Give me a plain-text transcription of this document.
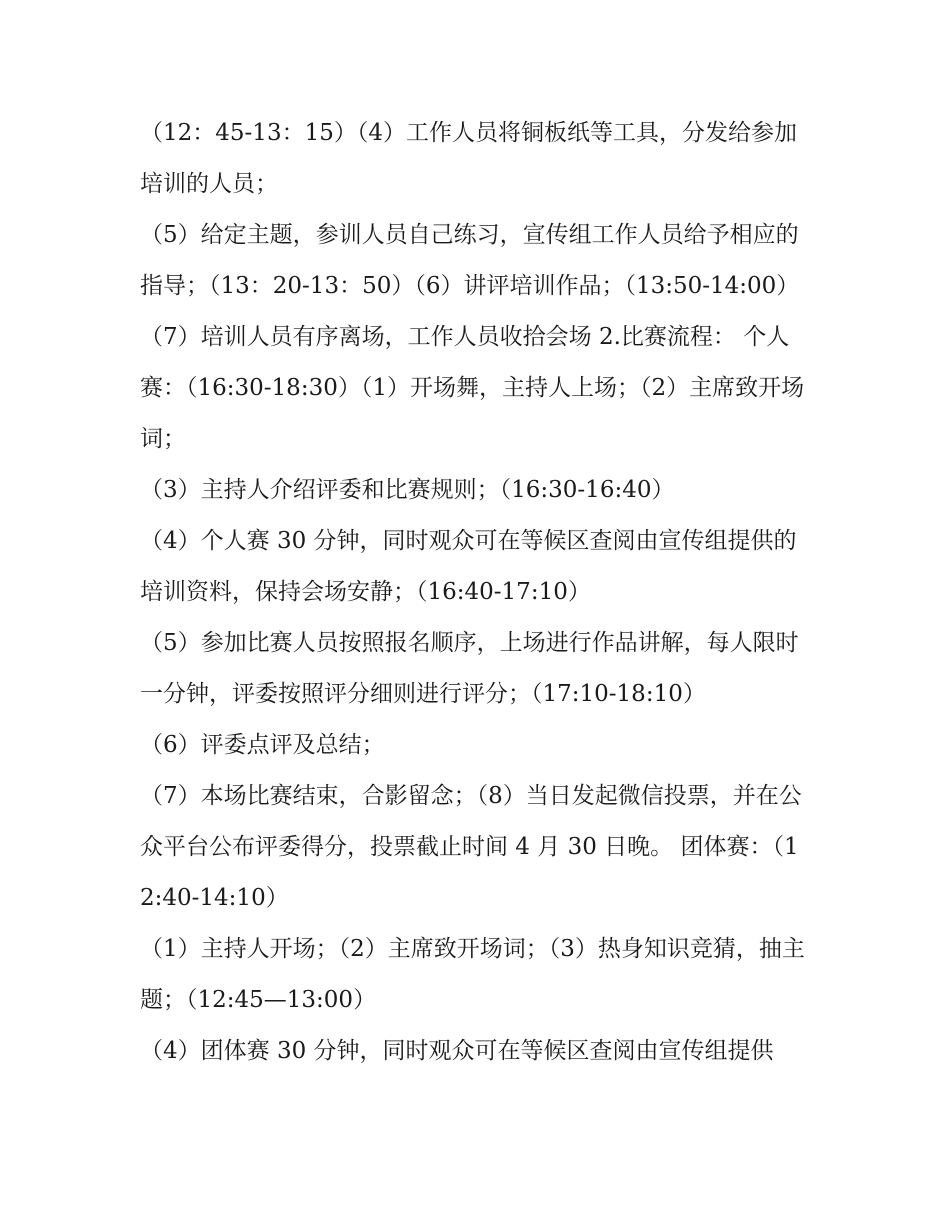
（12：45-13：15）（4）工作人员将铜板纸等工具，分发给参加培训的人员；

（5）给定主题，参训人员自己练习，宣传组工作人员给予相应的指导；（13：20-13：50）（6）讲评培训作品；（13:50-14:00）

（7）培训人员有序离场，工作人员收拾会场 2.比赛流程： 个人赛：（16:30-18:30）（1）开场舞，主持人上场；（2）主席致开场词；

（3）主持人介绍评委和比赛规则；（16:30-16:40）

（4）个人赛 30 分钟，同时观众可在等候区查阅由宣传组提供的培训资料，保持会场安静；（16:40-17:10）

（5）参加比赛人员按照报名顺序，上场进行作品讲解，每人限时一分钟，评委按照评分细则进行评分；（17:10-18:10）

（6）评委点评及总结；

（7）本场比赛结束，合影留念；（8）当日发起微信投票，并在公众平台公布评委得分，投票截止时间 4 月 30 日晚。 团体赛：（12:40-14:10）

（1）主持人开场；（2）主席致开场词；（3）热身知识竞猜，抽主题；（12:45—13:00）

（4）团体赛 30 分钟，同时观众可在等候区查阅由宣传组提供
